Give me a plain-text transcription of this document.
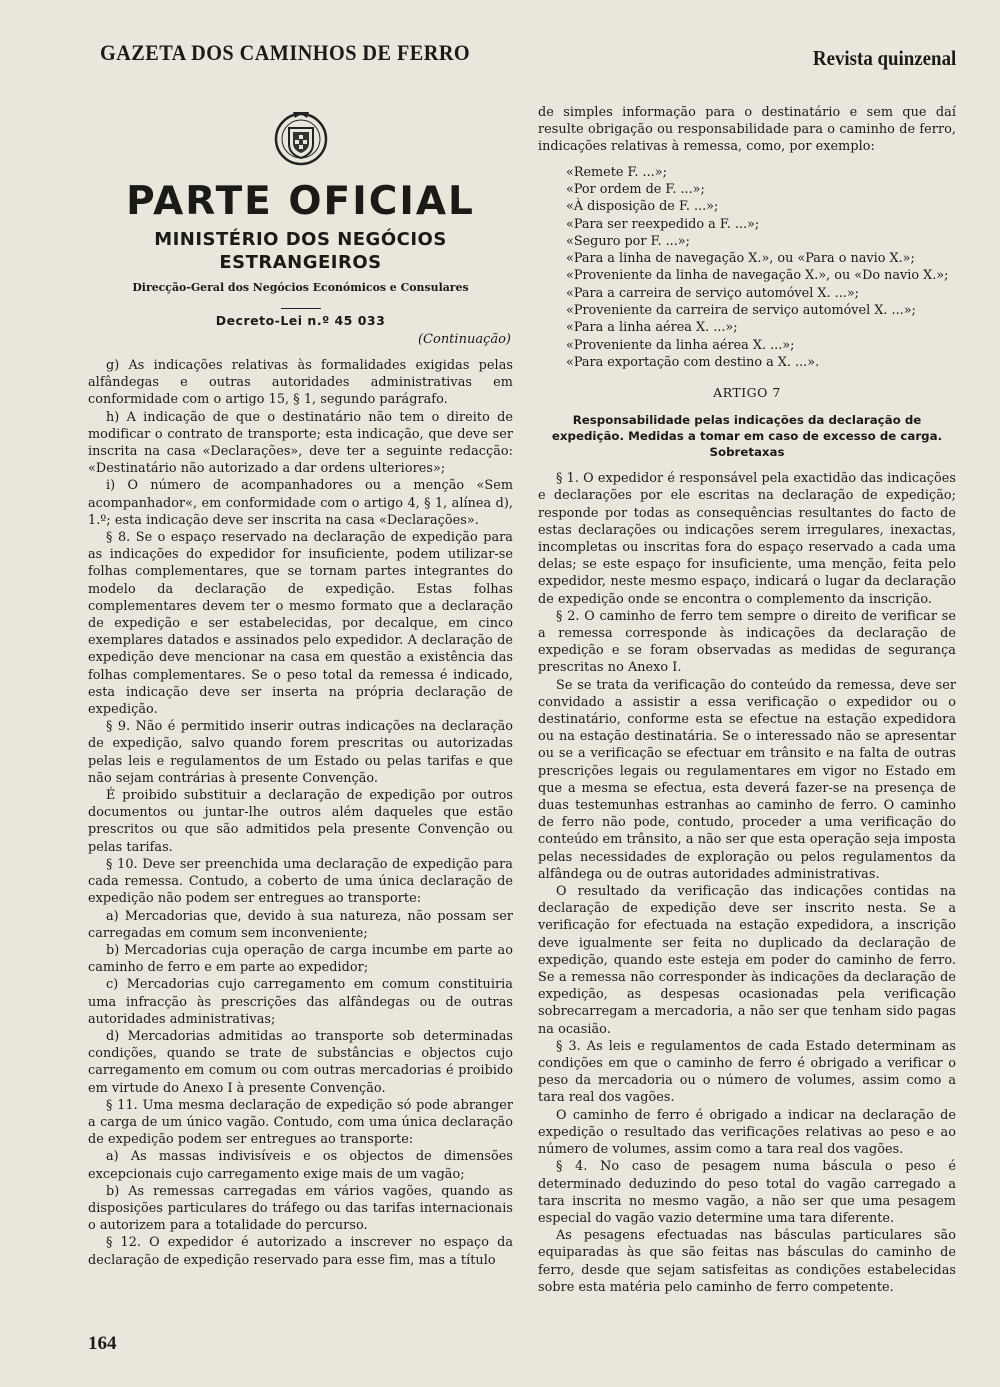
GAZETA DOS CAMINHOS DE FERRO	Revista quinzenal
PARTE OFICIAL
MINISTÉRIO DOS NEGÓCIOS
ESTRANGEIROS
Direcção-Geral dos Negócios Económicos e Consulares
Decreto-Lei n.º 45 033
(Continuação)

g) As indicações relativas às formalidades exigidas pelas alfândegas e outras autoridades administrativas em conformidade com o artigo 15, § 1, segundo parágrafo.

h) A indicação de que o destinatário não tem o direito de modificar o contrato de transporte; esta indicação, que deve ser inscrita na casa «Declarações», deve ter a seguinte redacção: «Destinatário não autorizado a dar ordens ulteriores»;

i) O número de acompanhadores ou a menção «Sem acompanhador«, em conformidade com o artigo 4, § 1, alínea d), 1.º; esta indicação deve ser inscrita na casa «Declarações».

§ 8. Se o espaço reservado na declaração de expedição para as indicações do expedidor for insuficiente, podem utilizar-se folhas complementares, que se tornam partes integrantes do modelo da declaração de expedição. Estas folhas complementares devem ter o mesmo formato que a declaração de expedição e ser estabelecidas, por decalque, em cinco exemplares datados e assinados pelo expedidor. A declaração de expedição deve mencionar na casa em questão a existência das folhas complementares. Se o peso total da remessa é indicado, esta indicação deve ser inserta na própria declaração de expedição.

§ 9. Não é permitido inserir outras indicações na declaração de expedição, salvo quando forem prescritas ou autorizadas pelas leis e regulamentos de um Estado ou pelas tarifas e que não sejam contrárias à presente Convenção.

É proibido substituir a declaração de expedição por outros documentos ou juntar-lhe outros além daqueles que estão prescritos ou que são admitidos pela presente Convenção ou pelas tarifas.

§ 10. Deve ser preenchida uma declaração de expedição para cada remessa. Contudo, a coberto de uma única declaração de expedição não podem ser entregues ao transporte:

a) Mercadorias que, devido à sua natureza, não possam ser carregadas em comum sem inconveniente;

b) Mercadorias cuja operação de carga incumbe em parte ao caminho de ferro e em parte ao expedidor;

c) Mercadorias cujo carregamento em comum constituiria uma infracção às prescrições das alfândegas ou de outras autoridades administrativas;

d) Mercadorias admitidas ao transporte sob determinadas condições, quando se trate de substâncias e objectos cujo carregamento em comum ou com outras mercadorias é proibido em virtude do Anexo I à presente Convenção.

§ 11. Uma mesma declaração de expedição só pode abranger a carga de um único vagão. Contudo, com uma única declaração de expedição podem ser entregues ao transporte:

a) As massas indivisíveis e os objectos de dimensões excepcionais cujo carregamento exige mais de um vagão;

b) As remessas carregadas em vários vagões, quando as disposições particulares do tráfego ou das tarifas internacionais o autorizem para a totalidade do percurso.

§ 12. O expedidor é autorizado a inscrever no espaço da declaração de expedição reservado para esse fim, mas a título

de simples informação para o destinatário e sem que daí resulte obrigação ou responsabilidade para o caminho de ferro, indicações relativas à remessa, como, por exemplo:

«Remete F. ...»;
«Por ordem de F. ...»;
«À disposição de F. ...»;
«Para ser reexpedido a F. ...»;
«Seguro por F. ...»;
«Para a linha de navegação X.», ou «Para o navio X.»;
«Proveniente da linha de navegação X.», ou «Do navio X.»;
«Para a carreira de serviço automóvel X. ...»;
«Proveniente da carreira de serviço automóvel X. ...»;
«Para a linha aérea X. ...»;
«Proveniente da linha aérea X. ...»;
«Para exportação com destino a X. ...».
ARTIGO 7
Responsabilidade pelas indicações da declaração de expedição. Medidas a tomar em caso de excesso de carga. Sobretaxas

§ 1. O expedidor é responsável pela exactidão das indicações e declarações por ele escritas na declaração de expedição; responde por todas as consequências resultantes do facto de estas declarações ou indicações serem irregulares, inexactas, incompletas ou inscritas fora do espaço reservado a cada uma delas; se este espaço for insuficiente, uma menção, feita pelo expedidor, neste mesmo espaço, indicará o lugar da declaração de expedição onde se encontra o complemento da inscrição.

§ 2. O caminho de ferro tem sempre o direito de verificar se a remessa corresponde às indicações da declaração de expedição e se foram observadas as medidas de segurança prescritas no Anexo I.

Se se trata da verificação do conteúdo da remessa, deve ser convidado a assistir a essa verificação o expedidor ou o destinatário, conforme esta se efectue na estação expedidora ou na estação destinatária. Se o interessado não se apresentar ou se a verificação se efectuar em trânsito e na falta de outras prescrições legais ou regulamentares em vigor no Estado em que a mesma se efectua, esta deverá fazer-se na presença de duas testemunhas estranhas ao caminho de ferro. O caminho de ferro não pode, contudo, proceder a uma verificação do conteúdo em trânsito, a não ser que esta operação seja imposta pelas necessidades de exploração ou pelos regulamentos da alfândega ou de outras autoridades administrativas.

O resultado da verificação das indicações contidas na declaração de expedição deve ser inscrito nesta. Se a verificação for efectuada na estação expedidora, a inscrição deve igualmente ser feita no duplicado da declaração de expedição, quando este esteja em poder do caminho de ferro. Se a remessa não corresponder às indicações da declaração de expedição, as despesas ocasionadas pela verificação sobrecarregam a mercadoria, a não ser que tenham sido pagas na ocasião.

§ 3. As leis e regulamentos de cada Estado determinam as condições em que o caminho de ferro é obrigado a verificar o peso da mercadoria ou o número de volumes, assim como a tara real dos vagões.

O caminho de ferro é obrigado a indicar na declaração de expedição o resultado das verificações relativas ao peso e ao número de volumes, assim como a tara real dos vagões.

§ 4. No caso de pesagem numa báscula o peso é determinado deduzindo do peso total do vagão carregado a tara inscrita no mesmo vagão, a não ser que uma pesagem especial do vagão vazio determine uma tara diferente.

As pesagens efectuadas nas básculas particulares são equiparadas às que são feitas nas básculas do caminho de ferro, desde que sejam satisfeitas as condições estabelecidas sobre esta matéria pelo caminho de ferro competente.

164
